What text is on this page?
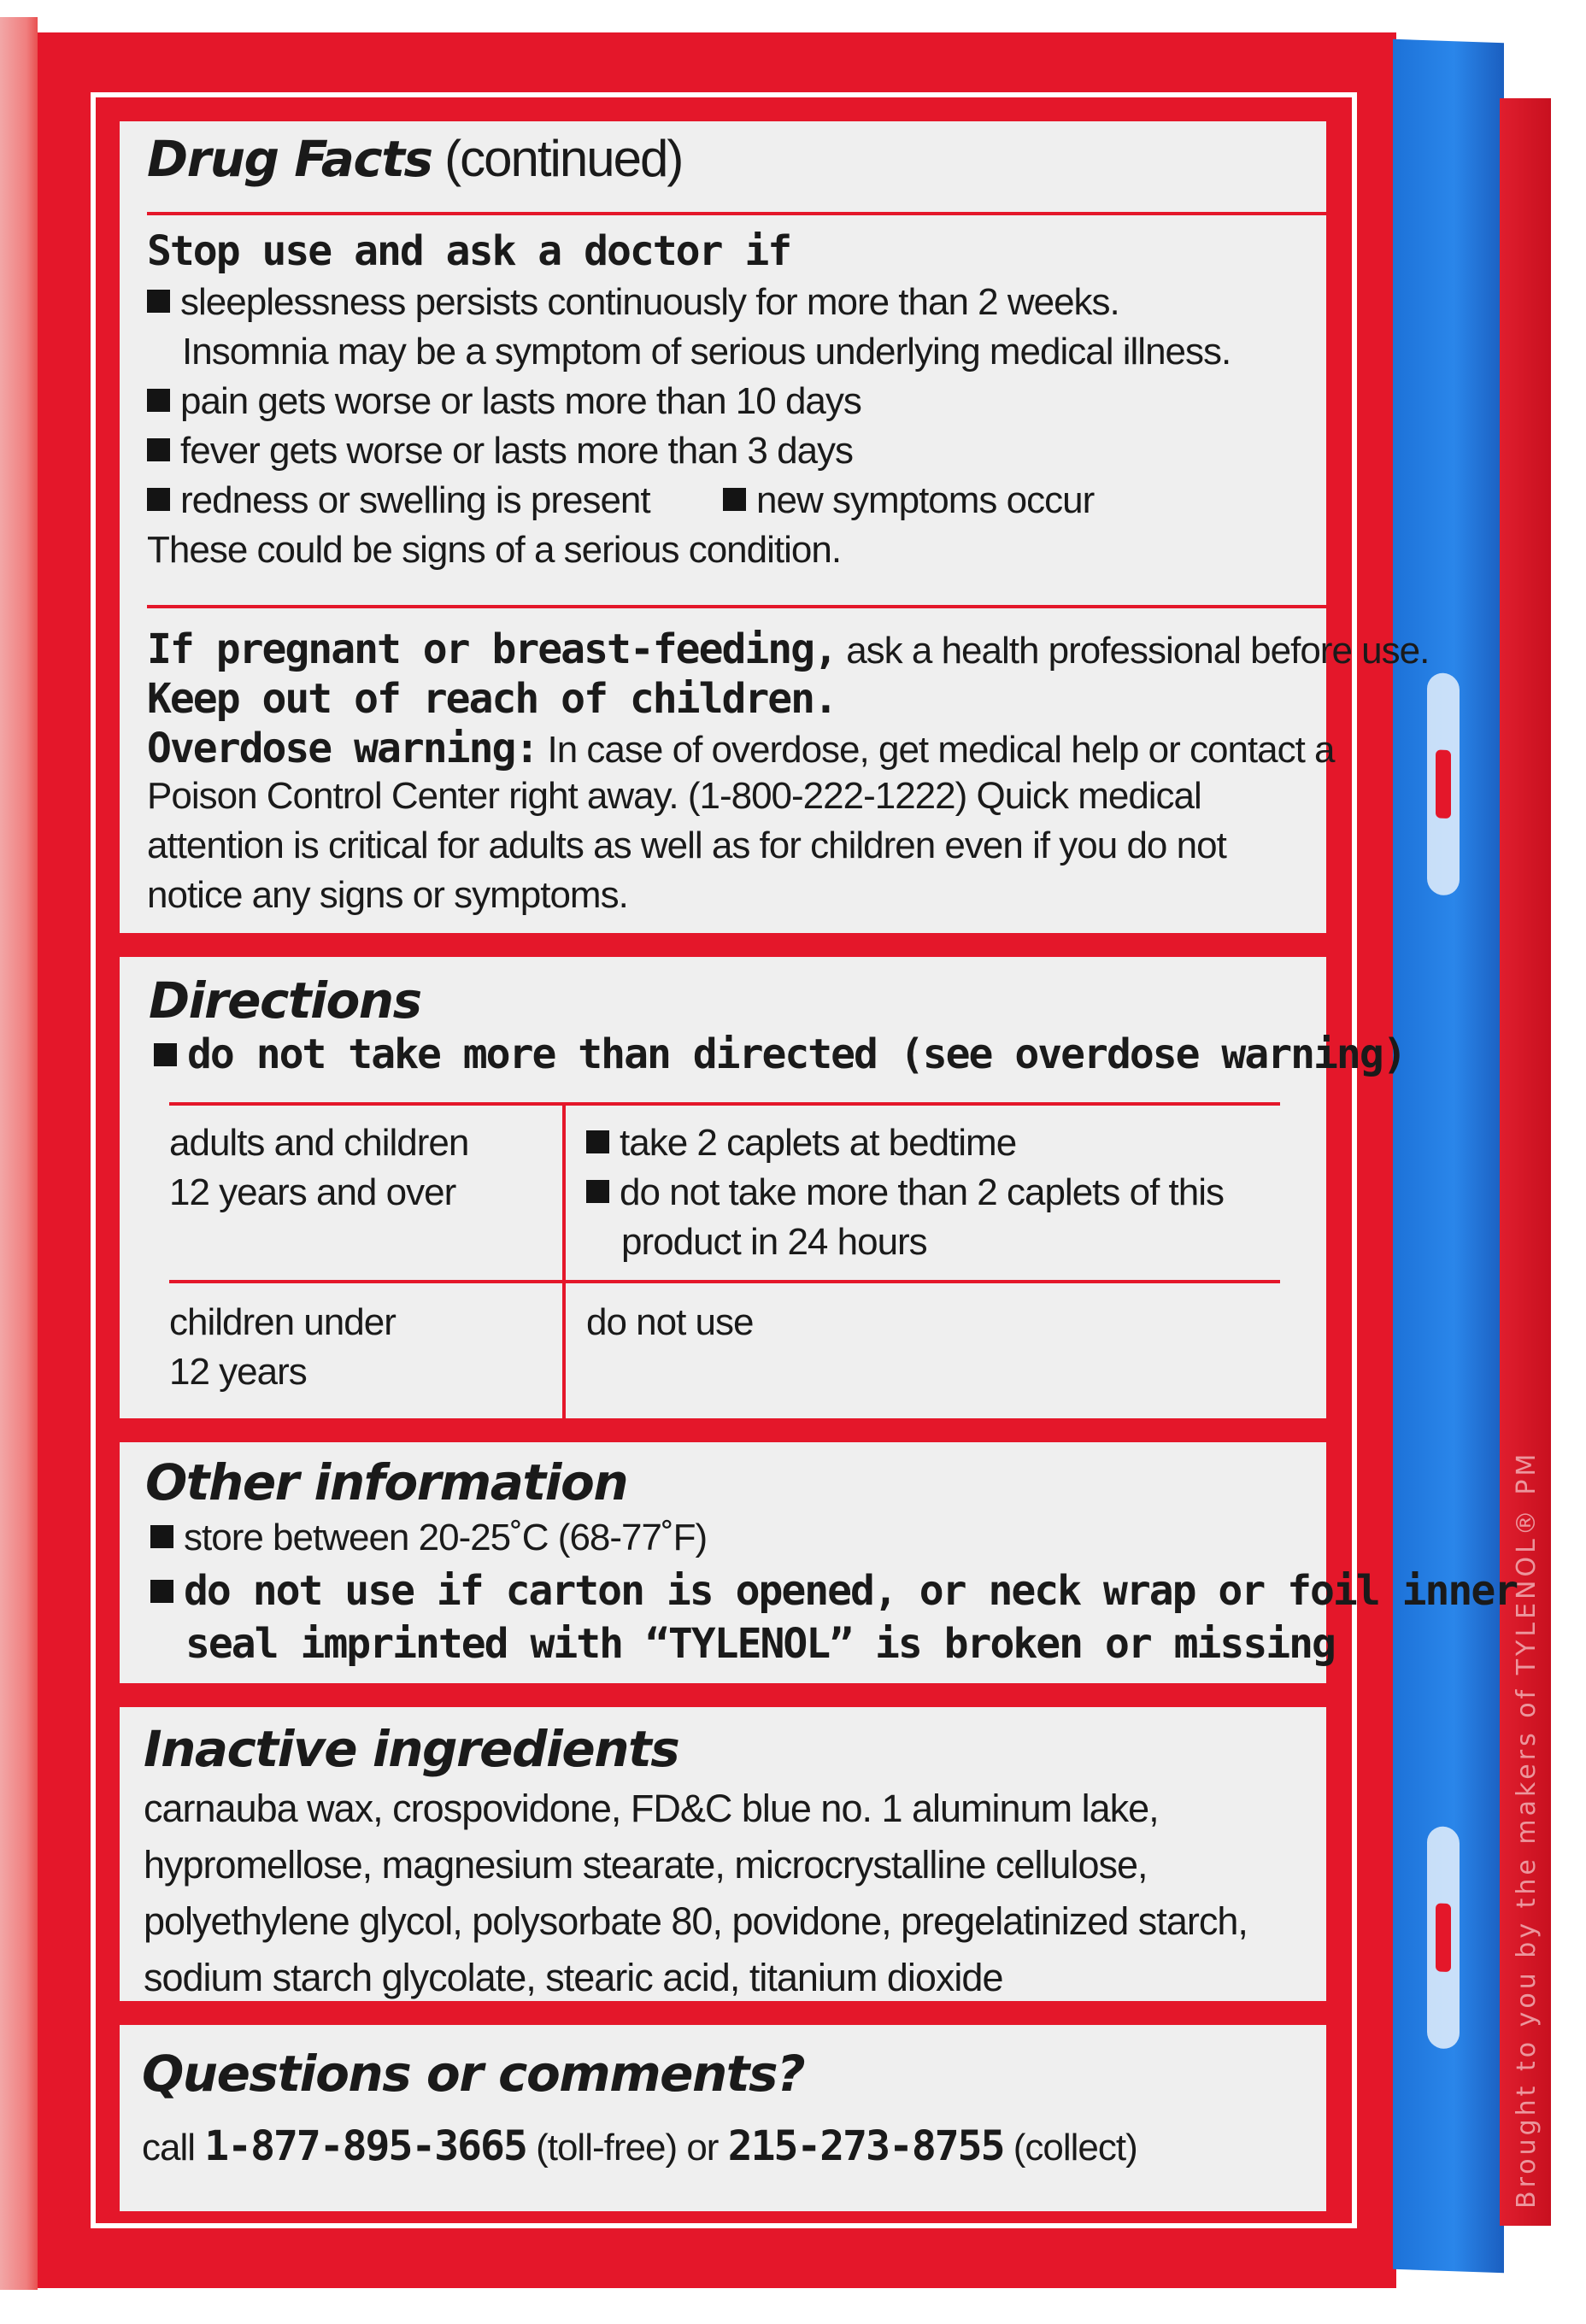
Brought to you by the makers of TYLENOL® PM
Drug Facts (continued)
Stop use and ask a doctor if
sleeplessness persists continuously for more than 2 weeks.
Insomnia may be a symptom of serious underlying medical illness.
pain gets worse or lasts more than 10 days
fever gets worse or lasts more than 3 days
redness or swelling is present	new symptoms occur
These could be signs of a serious condition.
If pregnant or breast-feeding, ask a health professional before use.
Keep out of reach of children.
Overdose warning: In case of overdose, get medical help or contact a
Poison Control Center right away. (1-800-222-1222) Quick medical
attention is critical for adults as well as for children even if you do not
notice any signs or symptoms.
Directions
do not take more than directed (see overdose warning)
adults and children
12 years and over
take 2 caplets at bedtime
do not take more than 2 caplets of this
product in 24 hours
children under
12 years
do not use
Other information
store between 20-25˚C (68-77˚F)
do not use if carton is opened, or neck wrap or foil inner
seal imprinted with “TYLENOL” is broken or missing
Inactive ingredients
carnauba wax, crospovidone, FD&C blue no. 1 aluminum lake,
hypromellose, magnesium stearate, microcrystalline cellulose,
polyethylene glycol, polysorbate 80, povidone, pregelatinized starch,
sodium starch glycolate, stearic acid, titanium dioxide
Questions or comments?
call 1-877-895-3665 (toll-free) or 215-273-8755 (collect)
